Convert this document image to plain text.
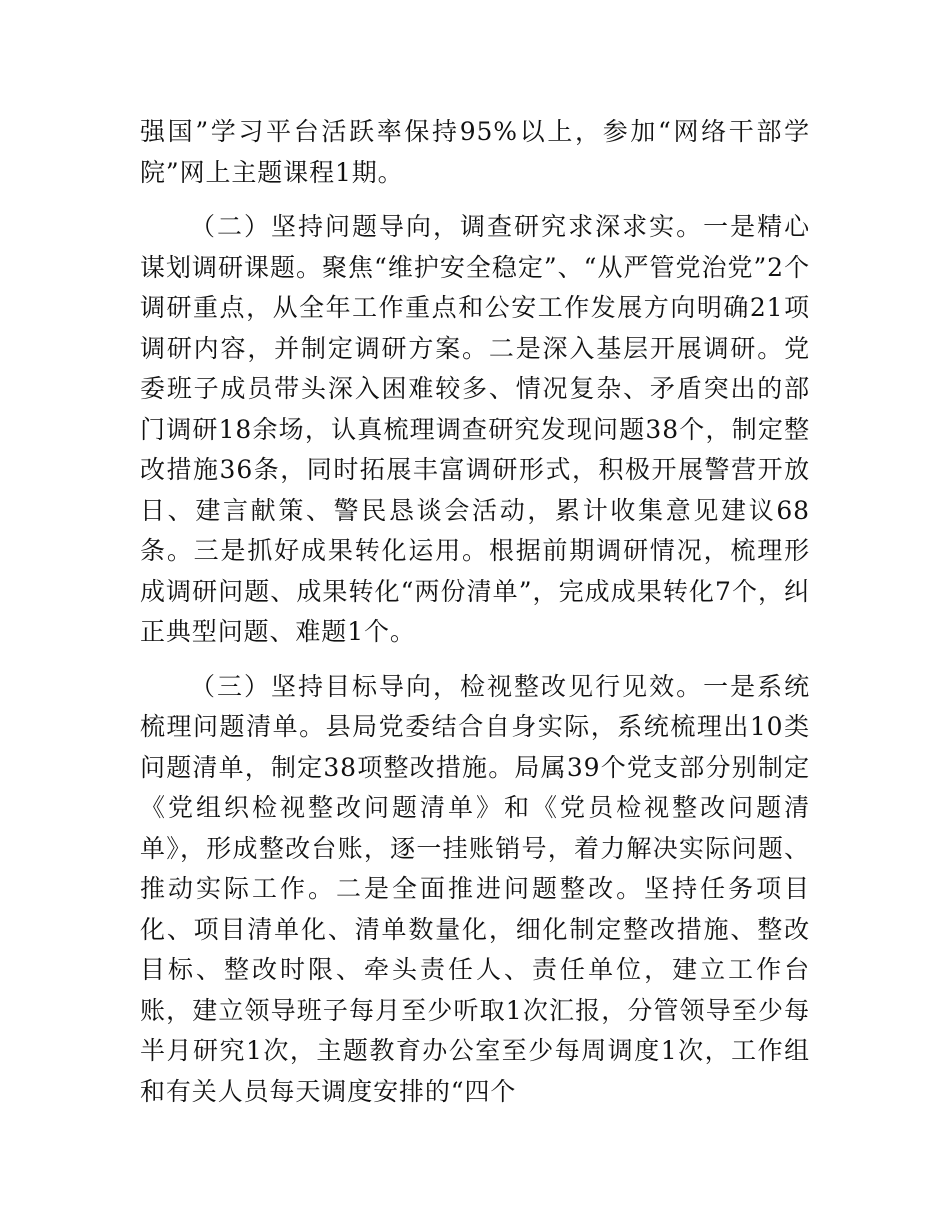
强国”学习平台活跃率保持95%以上，参加“网络干部学院”网上主题课程1期。

（二）坚持问题导向，调查研究求深求实。一是精心谋划调研课题。聚焦“维护安全稳定”、“从严管党治党”2个调研重点，从全年工作重点和公安工作发展方向明确21项调研内容，并制定调研方案。二是深入基层开展调研。党委班子成员带头深入困难较多、情况复杂、矛盾突出的部门调研18余场，认真梳理调查研究发现问题38个，制定整改措施36条，同时拓展丰富调研形式，积极开展警营开放日、建言献策、警民恳谈会活动，累计收集意见建议68条。三是抓好成果转化运用。根据前期调研情况，梳理形成调研问题、成果转化“两份清单”，完成成果转化7个，纠正典型问题、难题1个。

（三）坚持目标导向，检视整改见行见效。一是系统梳理问题清单。县局党委结合自身实际，系统梳理出10类问题清单，制定38项整改措施。局属39个党支部分别制定《党组织检视整改问题清单》和《党员检视整改问题清单》，形成整改台账，逐一挂账销号，着力解决实际问题、推动实际工作。二是全面推进问题整改。坚持任务项目化、项目清单化、清单数量化，细化制定整改措施、整改目标、整改时限、牵头责任人、责任单位，建立工作台账，建立领导班子每月至少听取1次汇报，分管领导至少每半月研究1次，主题教育办公室至少每周调度1次，工作组和有关人员每天调度安排的“四个
